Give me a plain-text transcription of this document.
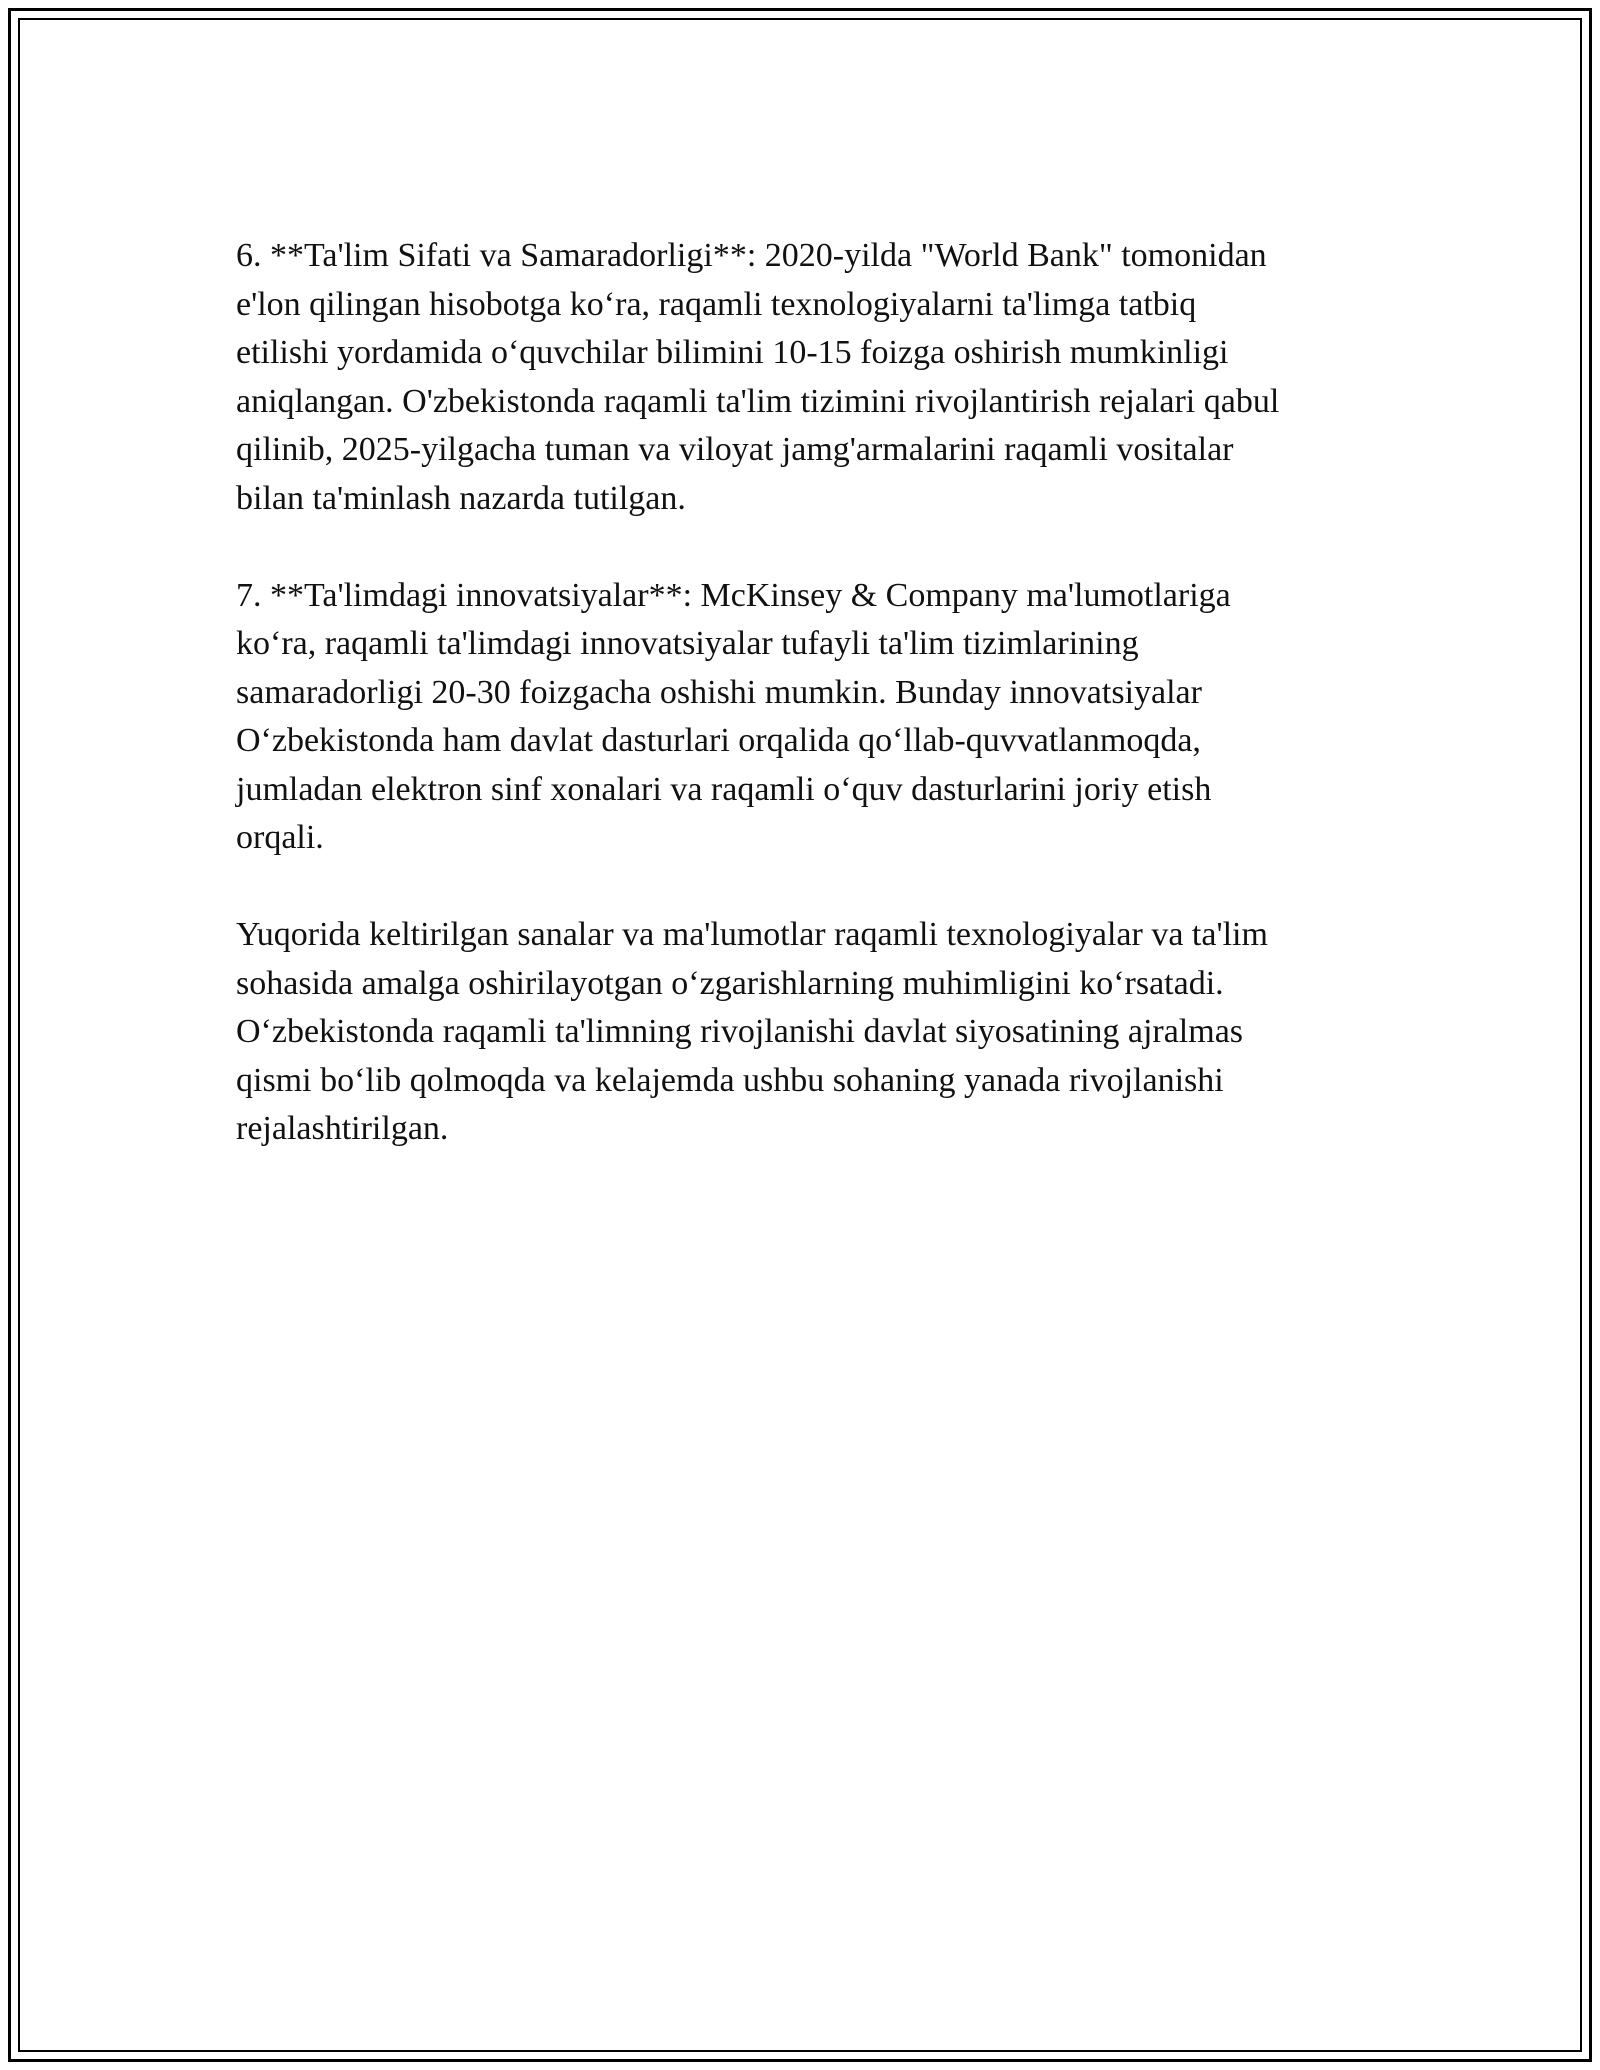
6. **Ta'lim Sifati va Samaradorligi**: 2020-yilda "World Bank" tomonidan
e'lon qilingan hisobotga ko‘ra, raqamli texnologiyalarni ta'limga tatbiq
etilishi yordamida o‘quvchilar bilimini 10-15 foizga oshirish mumkinligi
aniqlangan. O'zbekistonda raqamli ta'lim tizimini rivojlantirish rejalari qabul
qilinib, 2025-yilgacha tuman va viloyat jamg'armalarini raqamli vositalar
bilan ta'minlash nazarda tutilgan.

7. **Ta'limdagi innovatsiyalar**: McKinsey & Company ma'lumotlariga
ko‘ra, raqamli ta'limdagi innovatsiyalar tufayli ta'lim tizimlarining
samaradorligi 20-30 foizgacha oshishi mumkin. Bunday innovatsiyalar
O‘zbekistonda ham davlat dasturlari orqalida qo‘llab-quvvatlanmoqda,
jumladan elektron sinf xonalari va raqamli o‘quv dasturlarini joriy etish
orqali.

Yuqorida keltirilgan sanalar va ma'lumotlar raqamli texnologiyalar va ta'lim
sohasida amalga oshirilayotgan o‘zgarishlarning muhimligini ko‘rsatadi.
O‘zbekistonda raqamli ta'limning rivojlanishi davlat siyosatining ajralmas
qismi bo‘lib qolmoqda va kelajemda ushbu sohaning yanada rivojlanishi
rejalashtirilgan.
